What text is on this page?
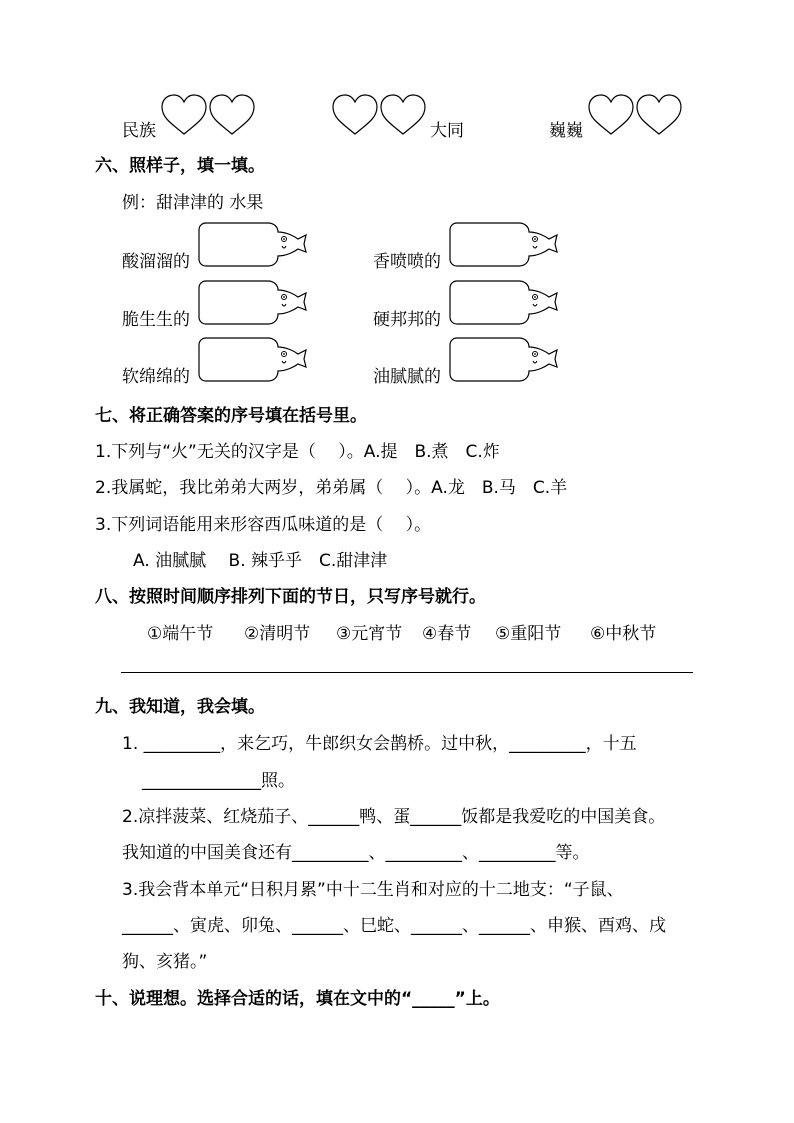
民族	大同	巍巍
六、照样子，填一填。
例：甜津津的 水果
酸溜溜的	香喷喷的
脆生生的	硬邦邦的
软绵绵的	油腻腻的
七、将正确答案的序号填在括号里。
1.下列与“火”无关的汉字是（　 ）。A.提　B.煮　C.炸
2.我属蛇，我比弟弟大两岁，弟弟属（　 ）。A.龙　B.马　C.羊
3.下列词语能用来形容西瓜味道的是（　 ）。
A. 油腻腻　 B. 辣乎乎　C.甜津津
八、按照时间顺序排列下面的节日，只写序号就行。
①端午节 ②清明节 ③元宵节 ④春节 ⑤重阳节 ⑥中秋节
九、我知道，我会填。
1. _________，来乞巧，牛郎织女会鹊桥。过中秋，_________，十五
______________照。
2.凉拌菠菜、红烧茄子、______鸭、蛋______饭都是我爱吃的中国美食。
我知道的中国美食还有_________、_________、_________等。
3.我会背本单元“日积月累”中十二生肖和对应的十二地支：“子鼠、
______、寅虎、卯兔、______、巳蛇、______、______、申猴、酉鸡、戌
狗、亥猪。”
十、说理想。选择合适的话，填在文中的“_____”上。
